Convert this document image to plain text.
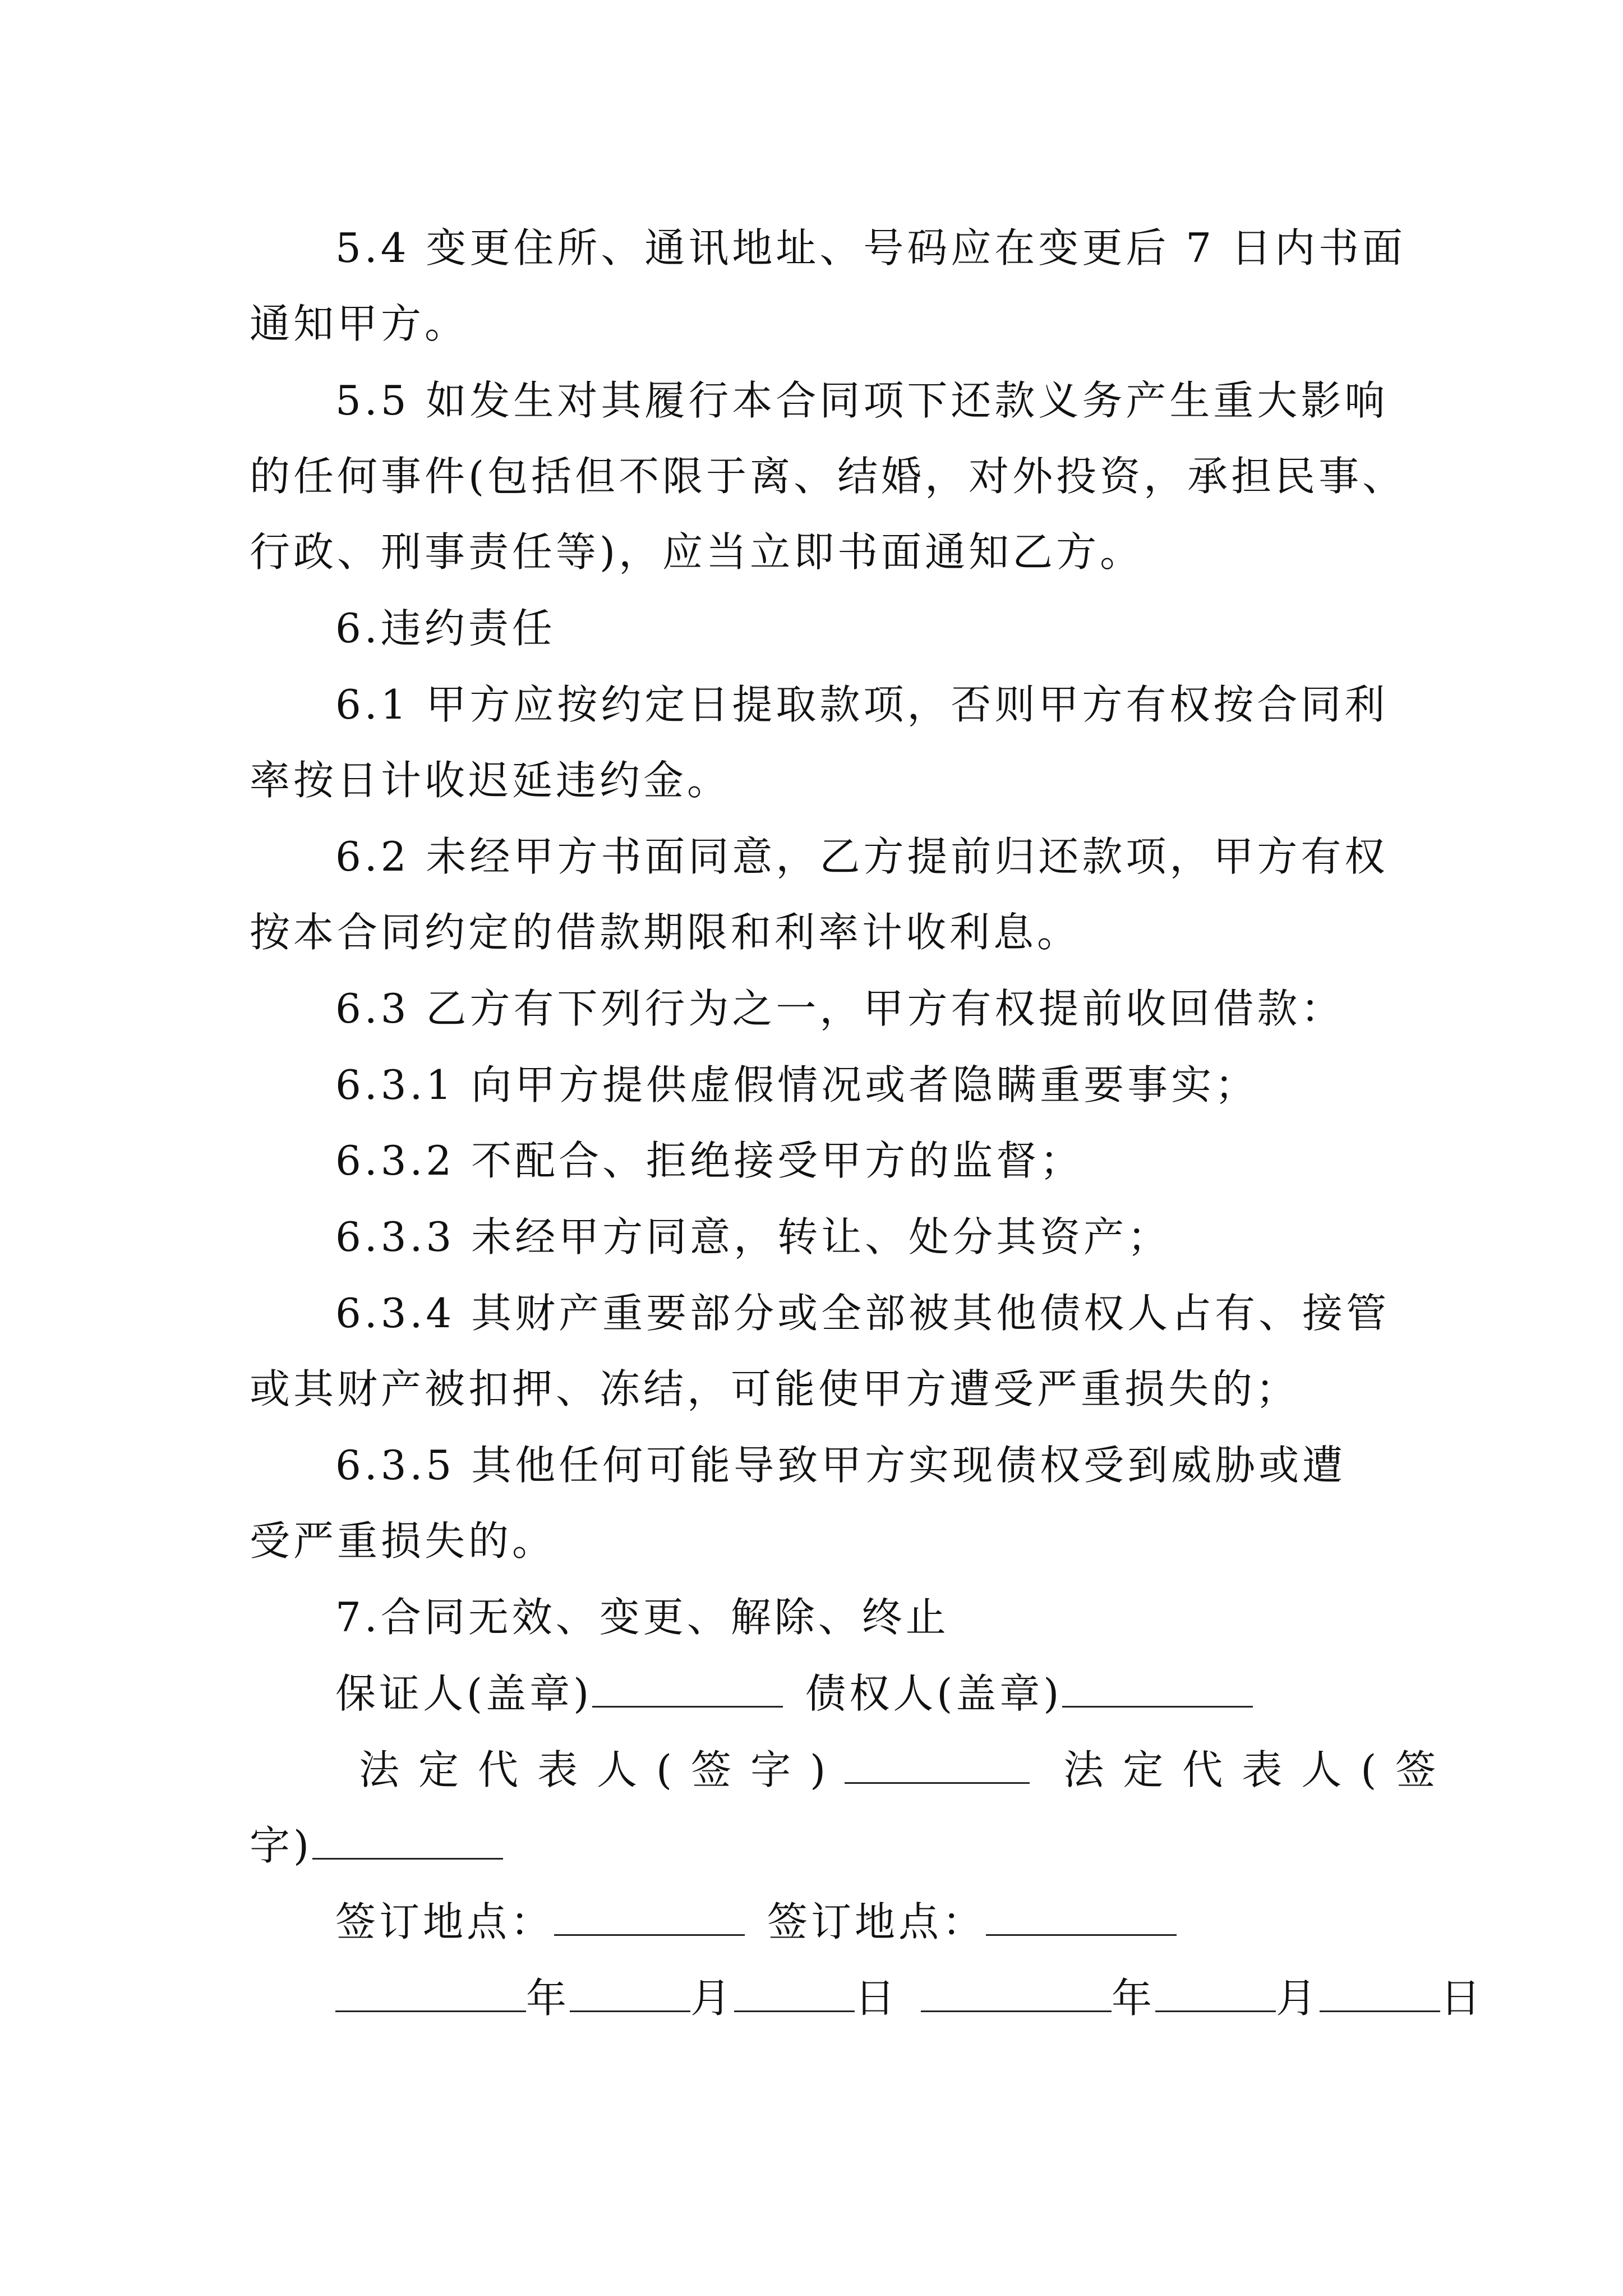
5.4 变更住所、通讯地址、号码应在变更后 7 日内书面
通知甲方。
5.5 如发生对其履行本合同项下还款义务产生重大影响
的任何事件(包括但不限于离、结婚，对外投资，承担民事、
行政、刑事责任等)，应当立即书面通知乙方。
6.违约责任
6.1 甲方应按约定日提取款项，否则甲方有权按合同利
率按日计收迟延违约金。
6.2 未经甲方书面同意，乙方提前归还款项，甲方有权
按本合同约定的借款期限和利率计收利息。
6.3 乙方有下列行为之一，甲方有权提前收回借款：
6.3.1 向甲方提供虚假情况或者隐瞒重要事实；
6.3.2 不配合、拒绝接受甲方的监督；
6.3.3 未经甲方同意，转让、处分其资产；
6.3.4 其财产重要部分或全部被其他债权人占有、接管
或其财产被扣押、冻结，可能使甲方遭受严重损失的；
6.3.5 其他任何可能导致甲方实现债权受到威胁或遭
受严重损失的。
7.合同无效、变更、解除、终止
保证人(盖章)	债权人(盖章)
法定代表人(签字)	法定代表人(签
字)
签订地点：	签订地点：
年	月	日	年	月	日
